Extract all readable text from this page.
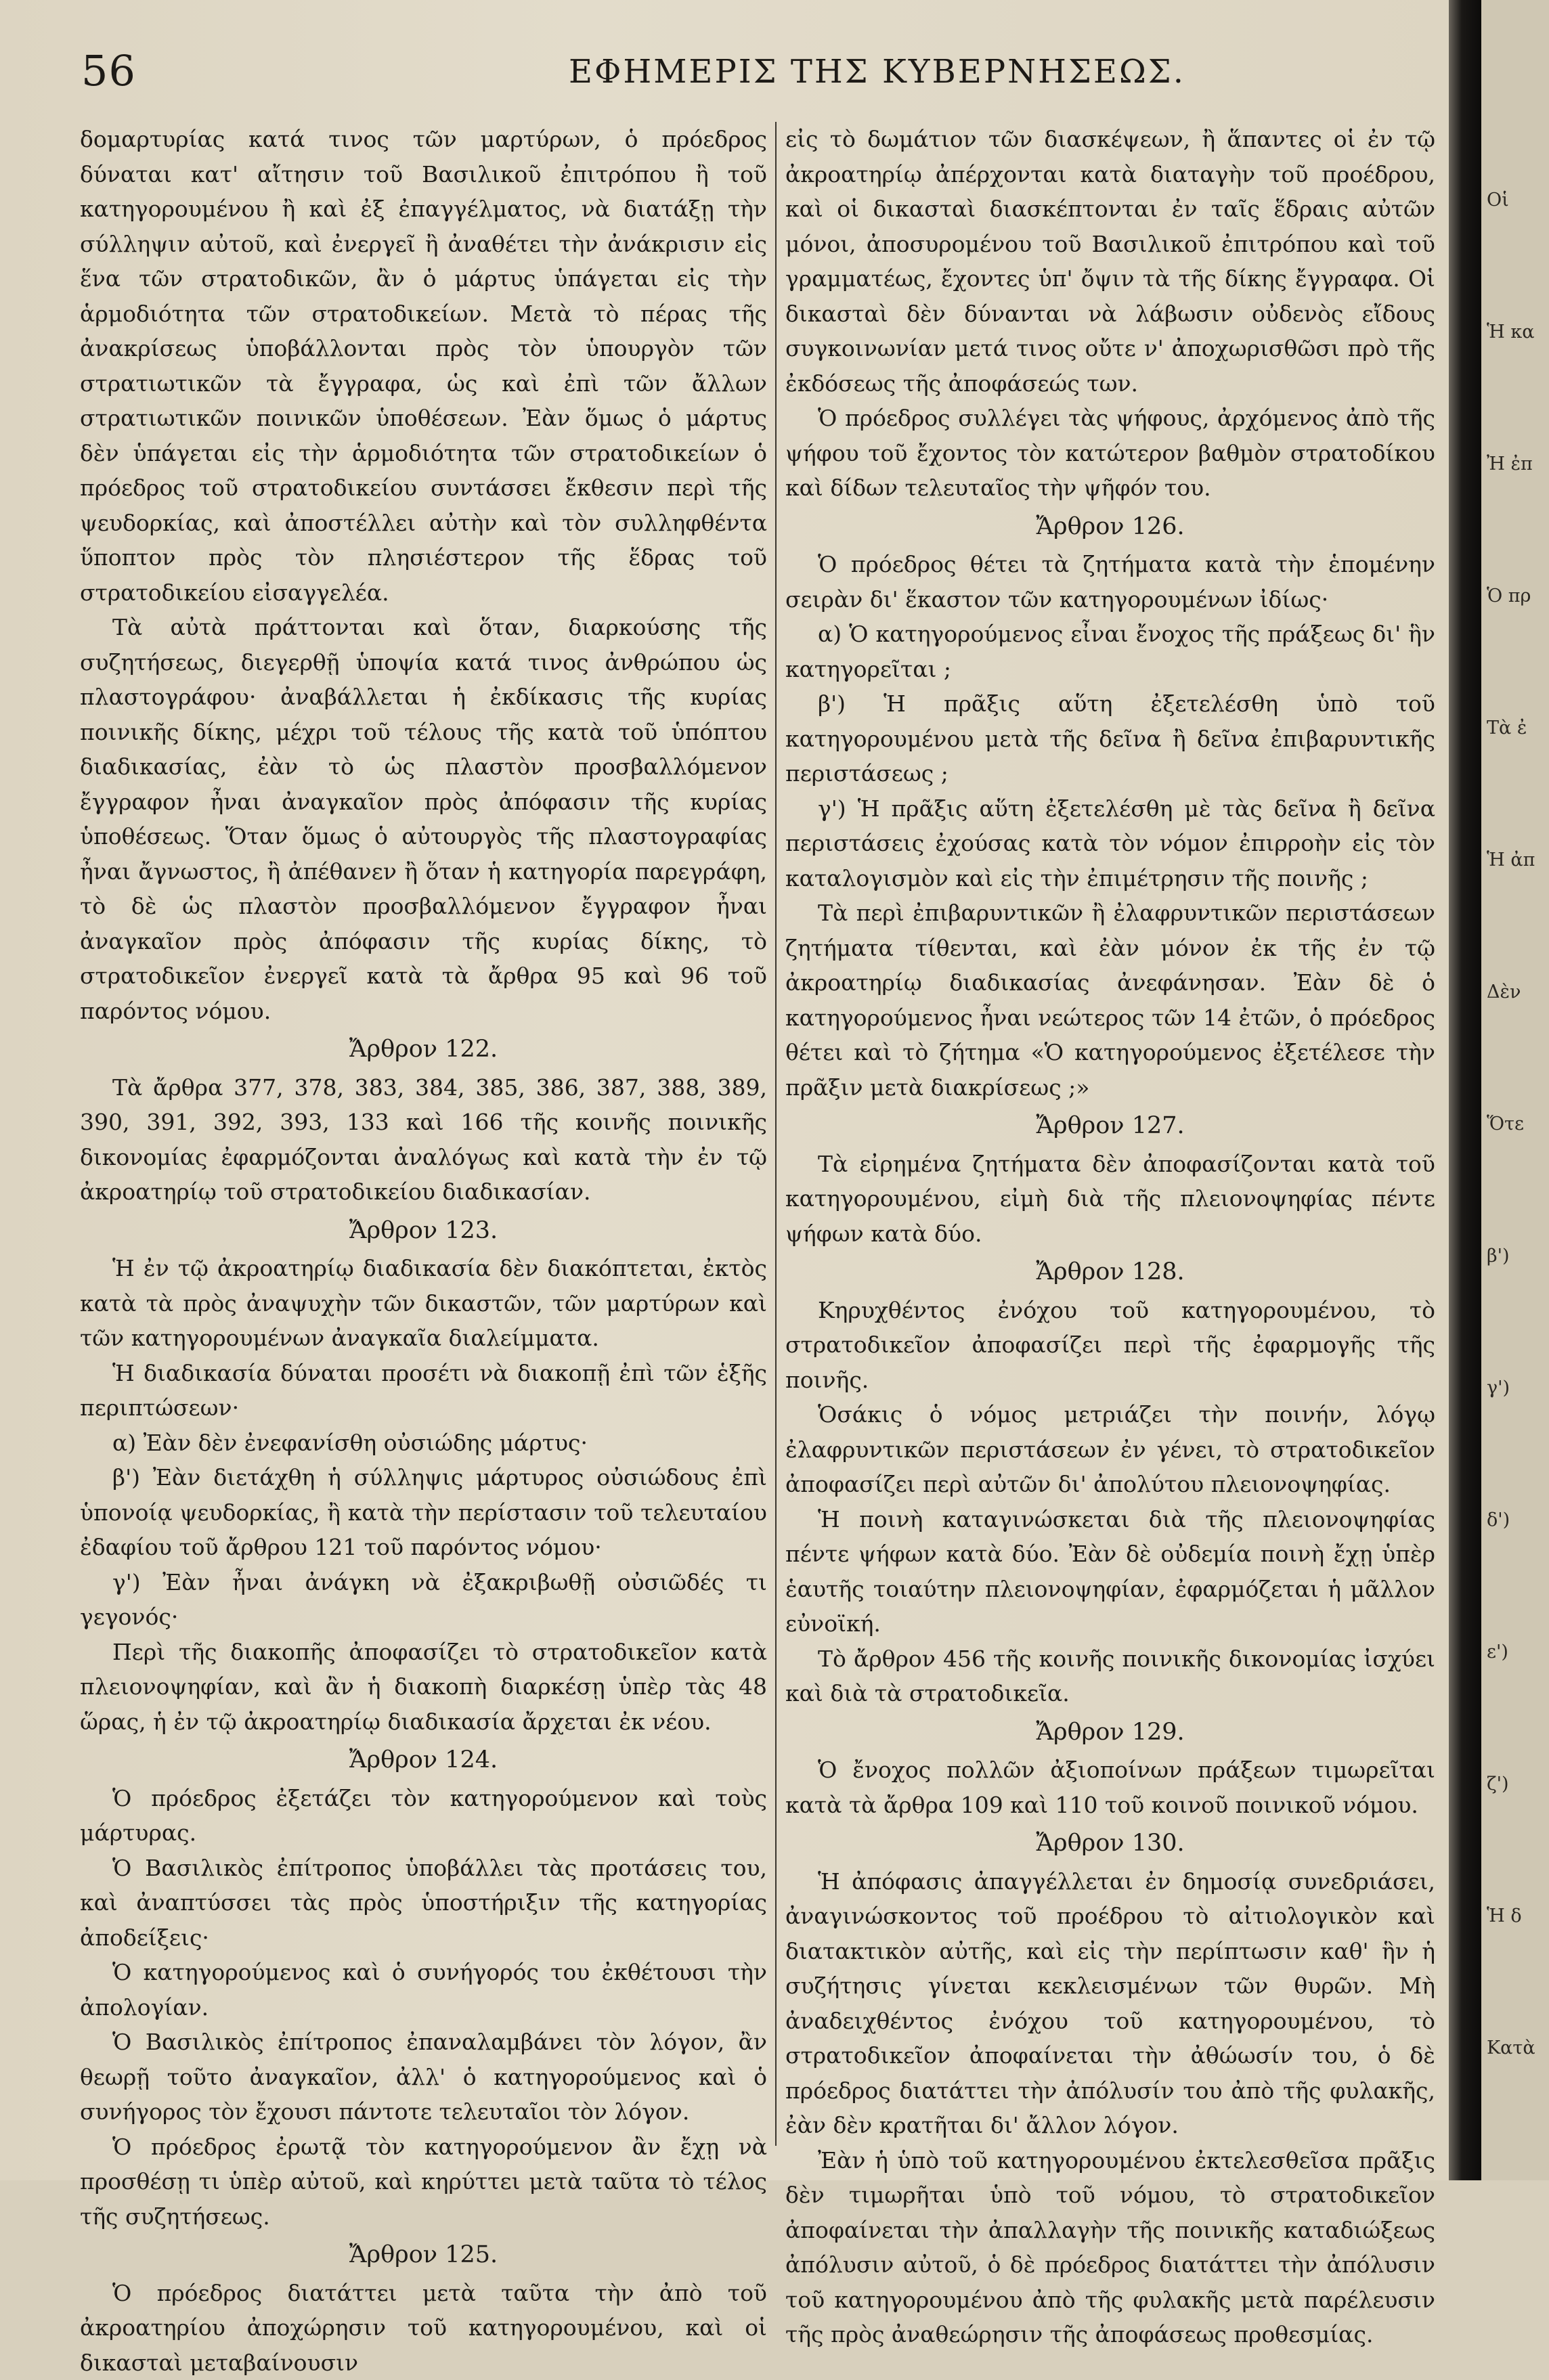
56	ΕΦΗΜΕΡΙΣ ΤΗΣ ΚΥΒΕΡΝΗΣΕΩΣ.

δομαρτυρίας κατά τινος τῶν μαρτύρων, ὁ πρόεδρος δύναται κατ' αἴτησιν τοῦ Βασιλικοῦ ἐπιτρόπου ἢ τοῦ κατηγορουμένου ἢ καὶ ἐξ ἐπαγγέλματος, νὰ διατάξῃ τὴν σύλληψιν αὐτοῦ, καὶ ἐνεργεῖ ἢ ἀναθέτει τὴν ἀνάκρισιν εἰς ἕνα τῶν στρατοδικῶν, ἂν ὁ μάρτυς ὑπάγεται εἰς τὴν ἁρμοδιότητα τῶν στρατοδικείων. Μετὰ τὸ πέρας τῆς ἀνακρίσεως ὑποβάλλονται πρὸς τὸν ὑπουργὸν τῶν στρατιωτικῶν τὰ ἔγγραφα, ὡς καὶ ἐπὶ τῶν ἄλλων στρατιωτικῶν ποινικῶν ὑποθέσεων. Ἐὰν ὅμως ὁ μάρτυς δὲν ὑπάγεται εἰς τὴν ἁρμοδιότητα τῶν στρατοδικείων ὁ πρόεδρος τοῦ στρατοδικείου συντάσσει ἔκθεσιν περὶ τῆς ψευδορκίας, καὶ ἀποστέλλει αὐτὴν καὶ τὸν συλληφθέντα ὕποπτον πρὸς τὸν πλησιέστερον τῆς ἕδρας τοῦ στρατοδικείου εἰσαγγελέα.

Τὰ αὐτὰ πράττονται καὶ ὅταν, διαρκούσης τῆς συζητήσεως, διεγερθῇ ὑποψία κατά τινος ἀνθρώπου ὡς πλαστογράφου· ἀναβάλλεται ἡ ἐκδίκασις τῆς κυρίας ποινικῆς δίκης, μέχρι τοῦ τέλους τῆς κατὰ τοῦ ὑπόπτου διαδικασίας, ἐὰν τὸ ὡς πλαστὸν προσβαλλόμενον ἔγγραφον ἦναι ἀναγκαῖον πρὸς ἀπόφασιν τῆς κυρίας ὑποθέσεως. Ὅταν ὅμως ὁ αὐτουργὸς τῆς πλαστογραφίας ἦναι ἄγνωστος, ἢ ἀπέθανεν ἢ ὅταν ἡ κατηγορία παρεγράφη, τὸ δὲ ὡς πλαστὸν προσβαλλόμενον ἔγγραφον ἦναι ἀναγκαῖον πρὸς ἀπόφασιν τῆς κυρίας δίκης, τὸ στρατοδικεῖον ἐνεργεῖ κατὰ τὰ ἄρθρα 95 καὶ 96 τοῦ παρόντος νόμου.

Ἄρθρον 122.

Τὰ ἄρθρα 377, 378, 383, 384, 385, 386, 387, 388, 389, 390, 391, 392, 393, 133 καὶ 166 τῆς κοινῆς ποινικῆς δικονομίας ἐφαρμόζονται ἀναλόγως καὶ κατὰ τὴν ἐν τῷ ἀκροατηρίῳ τοῦ στρατοδικείου διαδικασίαν.

Ἄρθρον 123.

Ἡ ἐν τῷ ἀκροατηρίῳ διαδικασία δὲν διακόπτεται, ἐκτὸς κατὰ τὰ πρὸς ἀναψυχὴν τῶν δικαστῶν, τῶν μαρτύρων καὶ τῶν κατηγορουμένων ἀναγκαῖα διαλείμματα.

Ἡ διαδικασία δύναται προσέτι νὰ διακοπῇ ἐπὶ τῶν ἑξῆς περιπτώσεων·

α) Ἐὰν δὲν ἐνεφανίσθη οὐσιώδης μάρτυς·

β') Ἐὰν διετάχθη ἡ σύλληψις μάρτυρος οὐσιώδους ἐπὶ ὑπονοίᾳ ψευδορκίας, ἢ κατὰ τὴν περίστασιν τοῦ τελευταίου ἐδαφίου τοῦ ἄρθρου 121 τοῦ παρόντος νόμου·

γ') Ἐὰν ἦναι ἀνάγκη νὰ ἐξακριβωθῇ οὐσιῶδές τι γεγονός·

Περὶ τῆς διακοπῆς ἀποφασίζει τὸ στρατοδικεῖον κατὰ πλειονοψηφίαν, καὶ ἂν ἡ διακοπὴ διαρκέσῃ ὑπὲρ τὰς 48 ὥρας, ἡ ἐν τῷ ἀκροατηρίῳ διαδικασία ἄρχεται ἐκ νέου.

Ἄρθρον 124.

Ὁ πρόεδρος ἐξετάζει τὸν κατηγορούμενον καὶ τοὺς μάρτυρας.

Ὁ Βασιλικὸς ἐπίτροπος ὑποβάλλει τὰς προτάσεις του, καὶ ἀναπτύσσει τὰς πρὸς ὑποστήριξιν τῆς κατηγορίας ἀποδείξεις·

Ὁ κατηγορούμενος καὶ ὁ συνήγορός του ἐκθέτουσι τὴν ἀπολογίαν.

Ὁ Βασιλικὸς ἐπίτροπος ἐπαναλαμβάνει τὸν λόγον, ἂν θεωρῇ τοῦτο ἀναγκαῖον, ἀλλ' ὁ κατηγορούμενος καὶ ὁ συνήγορος τὸν ἔχουσι πάντοτε τελευταῖοι τὸν λόγον.

Ὁ πρόεδρος ἐρωτᾷ τὸν κατηγορούμενον ἂν ἔχῃ νὰ προσθέσῃ τι ὑπὲρ αὐτοῦ, καὶ κηρύττει μετὰ ταῦτα τὸ τέλος τῆς συζητήσεως.

Ἄρθρον 125.

Ὁ πρόεδρος διατάττει μετὰ ταῦτα τὴν ἀπὸ τοῦ ἀκροατηρίου ἀποχώρησιν τοῦ κατηγορουμένου, καὶ οἱ δικασταὶ μεταβαίνουσιν

εἰς τὸ δωμάτιον τῶν διασκέψεων, ἢ ἅπαντες οἱ ἐν τῷ ἀκροατηρίῳ ἀπέρχονται κατὰ διαταγὴν τοῦ προέδρου, καὶ οἱ δικασταὶ διασκέπτονται ἐν ταῖς ἕδραις αὐτῶν μόνοι, ἀποσυρομένου τοῦ Βασιλικοῦ ἐπιτρόπου καὶ τοῦ γραμματέως, ἔχοντες ὑπ' ὄψιν τὰ τῆς δίκης ἔγγραφα. Οἱ δικασταὶ δὲν δύνανται νὰ λάβωσιν οὐδενὸς εἴδους συγκοινωνίαν μετά τινος οὔτε ν' ἀποχωρισθῶσι πρὸ τῆς ἐκδόσεως τῆς ἀποφάσεώς των.

Ὁ πρόεδρος συλλέγει τὰς ψήφους, ἀρχόμενος ἀπὸ τῆς ψήφου τοῦ ἔχοντος τὸν κατώτερον βαθμὸν στρατοδίκου καὶ δίδων τελευταῖος τὴν ψῆφόν του.

Ἄρθρον 126.

Ὁ πρόεδρος θέτει τὰ ζητήματα κατὰ τὴν ἑπομένην σειρὰν δι' ἕκαστον τῶν κατηγορουμένων ἰδίως·

α) Ὁ κατηγορούμενος εἶναι ἔνοχος τῆς πράξεως δι' ἣν κατηγορεῖται ;

β') Ἡ πρᾶξις αὕτη ἐξετελέσθη ὑπὸ τοῦ κατηγορουμένου μετὰ τῆς δεῖνα ἢ δεῖνα ἐπιβαρυντικῆς περιστάσεως ;

γ') Ἡ πρᾶξις αὕτη ἐξετελέσθη μὲ τὰς δεῖνα ἢ δεῖνα περιστάσεις ἐχούσας κατὰ τὸν νόμον ἐπιρροὴν εἰς τὸν καταλογισμὸν καὶ εἰς τὴν ἐπιμέτρησιν τῆς ποινῆς ;

Τὰ περὶ ἐπιβαρυντικῶν ἢ ἐλαφρυντικῶν περιστάσεων ζητήματα τίθενται, καὶ ἐὰν μόνον ἐκ τῆς ἐν τῷ ἀκροατηρίῳ διαδικασίας ἀνεφάνησαν. Ἐὰν δὲ ὁ κατηγορούμενος ἦναι νεώτερος τῶν 14 ἐτῶν, ὁ πρόεδρος θέτει καὶ τὸ ζήτημα «Ὁ κατηγορούμενος ἐξετέλεσε τὴν πρᾶξιν μετὰ διακρίσεως ;»

Ἄρθρον 127.

Τὰ εἰρημένα ζητήματα δὲν ἀποφασίζονται κατὰ τοῦ κατηγορουμένου, εἰμὴ διὰ τῆς πλειονοψηφίας πέντε ψήφων κατὰ δύο.

Ἄρθρον 128.

Κηρυχθέντος ἐνόχου τοῦ κατηγορουμένου, τὸ στρατοδικεῖον ἀποφασίζει περὶ τῆς ἐφαρμογῆς τῆς ποινῆς.

Ὁσάκις ὁ νόμος μετριάζει τὴν ποινήν, λόγῳ ἐλαφρυντικῶν περιστάσεων ἐν γένει, τὸ στρατοδικεῖον ἀποφασίζει περὶ αὐτῶν δι' ἀπολύτου πλειονοψηφίας.

Ἡ ποινὴ καταγινώσκεται διὰ τῆς πλειονοψηφίας πέντε ψήφων κατὰ δύο. Ἐὰν δὲ οὐδεμία ποινὴ ἔχῃ ὑπὲρ ἑαυτῆς τοιαύτην πλειονοψηφίαν, ἐφαρμόζεται ἡ μᾶλλον εὐνοϊκή.

Τὸ ἄρθρον 456 τῆς κοινῆς ποινικῆς δικονομίας ἰσχύει καὶ διὰ τὰ στρατοδικεῖα.

Ἄρθρον 129.

Ὁ ἔνοχος πολλῶν ἀξιοποίνων πράξεων τιμωρεῖται κατὰ τὰ ἄρθρα 109 καὶ 110 τοῦ κοινοῦ ποινικοῦ νόμου.

Ἄρθρον 130.

Ἡ ἀπόφασις ἀπαγγέλλεται ἐν δημοσίᾳ συνεδριάσει, ἀναγινώσκοντος τοῦ προέδρου τὸ αἰτιολογικὸν καὶ διατακτικὸν αὐτῆς, καὶ εἰς τὴν περίπτωσιν καθ' ἣν ἡ συζήτησις γίνεται κεκλεισμένων τῶν θυρῶν. Μὴ ἀναδειχθέντος ἐνόχου τοῦ κατηγορουμένου, τὸ στρατοδικεῖον ἀποφαίνεται τὴν ἀθώωσίν του, ὁ δὲ πρόεδρος διατάττει τὴν ἀπόλυσίν του ἀπὸ τῆς φυλακῆς, ἐὰν δὲν κρατῆται δι' ἄλλον λόγον.

Ἐὰν ἡ ὑπὸ τοῦ κατηγορουμένου ἐκτελεσθεῖσα πρᾶξις δὲν τιμωρῆται ὑπὸ τοῦ νόμου, τὸ στρατοδικεῖον ἀποφαίνεται τὴν ἀπαλλαγὴν τῆς ποινικῆς καταδιώξεως ἀπόλυσιν αὐτοῦ, ὁ δὲ πρόεδρος διατάττει τὴν ἀπόλυσιν τοῦ κατηγορουμένου ἀπὸ τῆς φυλακῆς μετὰ παρέλευσιν τῆς πρὸς ἀναθεώρησιν τῆς ἀποφάσεως προθεσμίας.

Οἱ
Ἡ κα
Ἠ ἐπ
Ὁ πρ
Τὰ ἐ
Ἡ ἀπ
Δὲν
Ὅτε
β')
γ')
δ')
ε')
ζ')
Ἡ δ
Κατὰ
